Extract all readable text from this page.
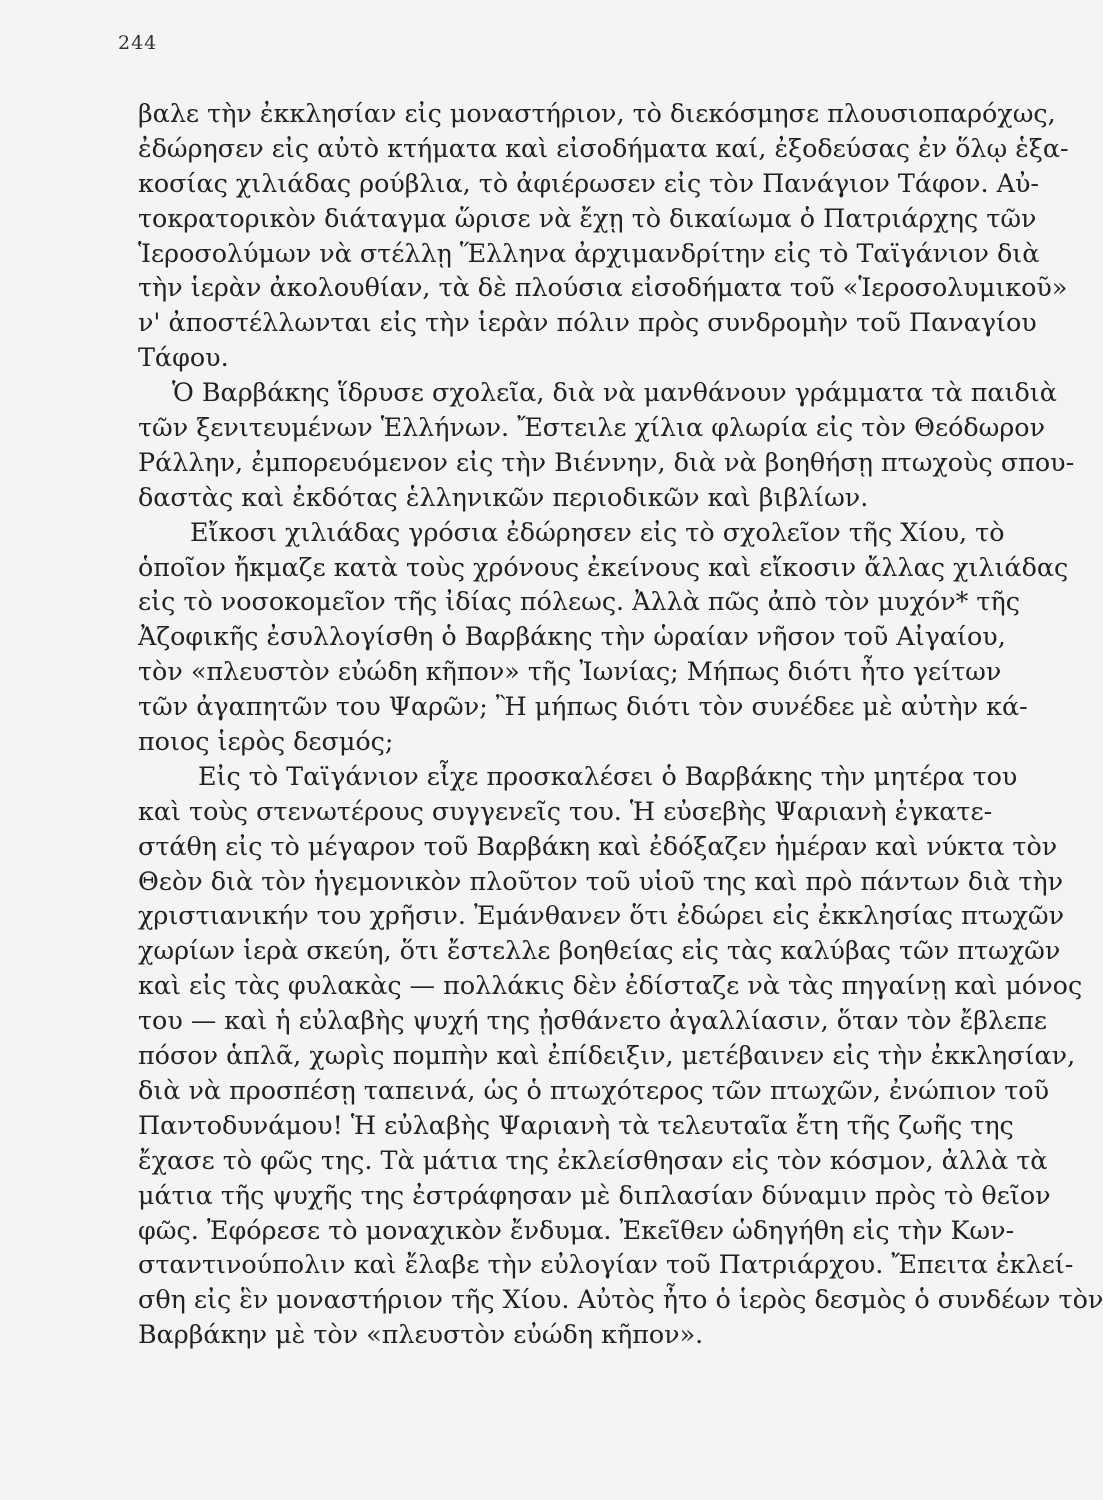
244
βαλε τὴν ἐκκλησίαν εἰς μοναστήριον, τὸ διεκόσμησε πλουσιοπαρόχως,
ἐδώρησεν εἰς αὐτὸ κτήματα καὶ εἰσοδήματα καί, ἐξοδεύσας ἐν ὅλῳ ἑξα-
κοσίας χιλιάδας ρούβλια, τὸ ἀφιέρωσεν εἰς τὸν Πανάγιον Τάφον. Αὐ-
τοκρατορικὸν διάταγμα ὥρισε νὰ ἔχῃ τὸ δικαίωμα ὁ Πατριάρχης τῶν
Ἱεροσολύμων νὰ στέλλῃ Ἕλληνα ἀρχιμανδρίτην εἰς τὸ Ταϊγάνιον διὰ
τὴν ἱερὰν ἀκολουθίαν, τὰ δὲ πλούσια εἰσοδήματα τοῦ «Ἱεροσολυμικοῦ»
ν' ἀποστέλλωνται εἰς τὴν ἱερὰν πόλιν πρὸς συνδρομὴν τοῦ Παναγίου
Τάφου.
Ὁ Βαρβάκης ἵδρυσε σχολεῖα, διὰ νὰ μανθάνουν γράμματα τὰ παιδιὰ
τῶν ξενιτευμένων Ἑλλήνων. Ἔστειλε χίλια φλωρία εἰς τὸν Θεόδωρον
Ράλλην, ἐμπορευόμενον εἰς τὴν Βιέννην, διὰ νὰ βοηθήσῃ πτωχοὺς σπου-
δαστὰς καὶ ἐκδότας ἑλληνικῶν περιοδικῶν καὶ βιβλίων.
Εἴκοσι χιλιάδας γρόσια ἐδώρησεν εἰς τὸ σχολεῖον τῆς Χίου, τὸ
ὁποῖον ἤκμαζε κατὰ τοὺς χρόνους ἐκείνους καὶ εἴκοσιν ἄλλας χιλιάδας
εἰς τὸ νοσοκομεῖον τῆς ἰδίας πόλεως. Ἀλλὰ πῶς ἀπὸ τὸν μυχόν* τῆς
Ἀζοφικῆς ἐσυλλογίσθη ὁ Βαρβάκης τὴν ὡραίαν νῆσον τοῦ Αἰγαίου,
τὸν «πλευστὸν εὐώδη κῆπον» τῆς Ἰωνίας; Μήπως διότι ἦτο γείτων
τῶν ἀγαπητῶν του Ψαρῶν; Ἢ μήπως διότι τὸν συνέδεε μὲ αὐτὴν κά-
ποιος ἱερὸς δεσμός;
Εἰς τὸ Ταϊγάνιον εἶχε προσκαλέσει ὁ Βαρβάκης τὴν μητέρα του
καὶ τοὺς στενωτέρους συγγενεῖς του. Ἡ εὐσεβὴς Ψαριανὴ ἐγκατε-
στάθη εἰς τὸ μέγαρον τοῦ Βαρβάκη καὶ ἐδόξαζεν ἡμέραν καὶ νύκτα τὸν
Θεὸν διὰ τὸν ἡγεμονικὸν πλοῦτον τοῦ υἱοῦ της καὶ πρὸ πάντων διὰ τὴν
χριστιανικήν του χρῆσιν. Ἐμάνθανεν ὅτι ἐδώρει εἰς ἐκκλησίας πτωχῶν
χωρίων ἱερὰ σκεύη, ὅτι ἔστελλε βοηθείας εἰς τὰς καλύβας τῶν πτωχῶν
καὶ εἰς τὰς φυλακὰς — πολλάκις δὲν ἐδίσταζε νὰ τὰς πηγαίνῃ καὶ μόνος
του — καὶ ἡ εὐλαβὴς ψυχή της ᾐσθάνετο ἀγαλλίασιν, ὅταν τὸν ἔβλεπε
πόσον ἁπλᾶ, χωρὶς πομπὴν καὶ ἐπίδειξιν, μετέβαινεν εἰς τὴν ἐκκλησίαν,
διὰ νὰ προσπέσῃ ταπεινά, ὡς ὁ πτωχότερος τῶν πτωχῶν, ἐνώπιον τοῦ
Παντοδυνάμου! Ἡ εὐλαβὴς Ψαριανὴ τὰ τελευταῖα ἔτη τῆς ζωῆς της
ἔχασε τὸ φῶς της. Τὰ μάτια της ἐκλείσθησαν εἰς τὸν κόσμον, ἀλλὰ τὰ
μάτια τῆς ψυχῆς της ἐστράφησαν μὲ διπλασίαν δύναμιν πρὸς τὸ θεῖον
φῶς. Ἐφόρεσε τὸ μοναχικὸν ἔνδυμα. Ἐκεῖθεν ὡδηγήθη εἰς τὴν Κων-
σταντινούπολιν καὶ ἔλαβε τὴν εὐλογίαν τοῦ Πατριάρχου. Ἔπειτα ἐκλεί-
σθη εἰς ἓν μοναστήριον τῆς Χίου. Αὐτὸς ἦτο ὁ ἱερὸς δεσμὸς ὁ συνδέων τὸν
Βαρβάκην μὲ τὸν «πλευστὸν εὐώδη κῆπον».
